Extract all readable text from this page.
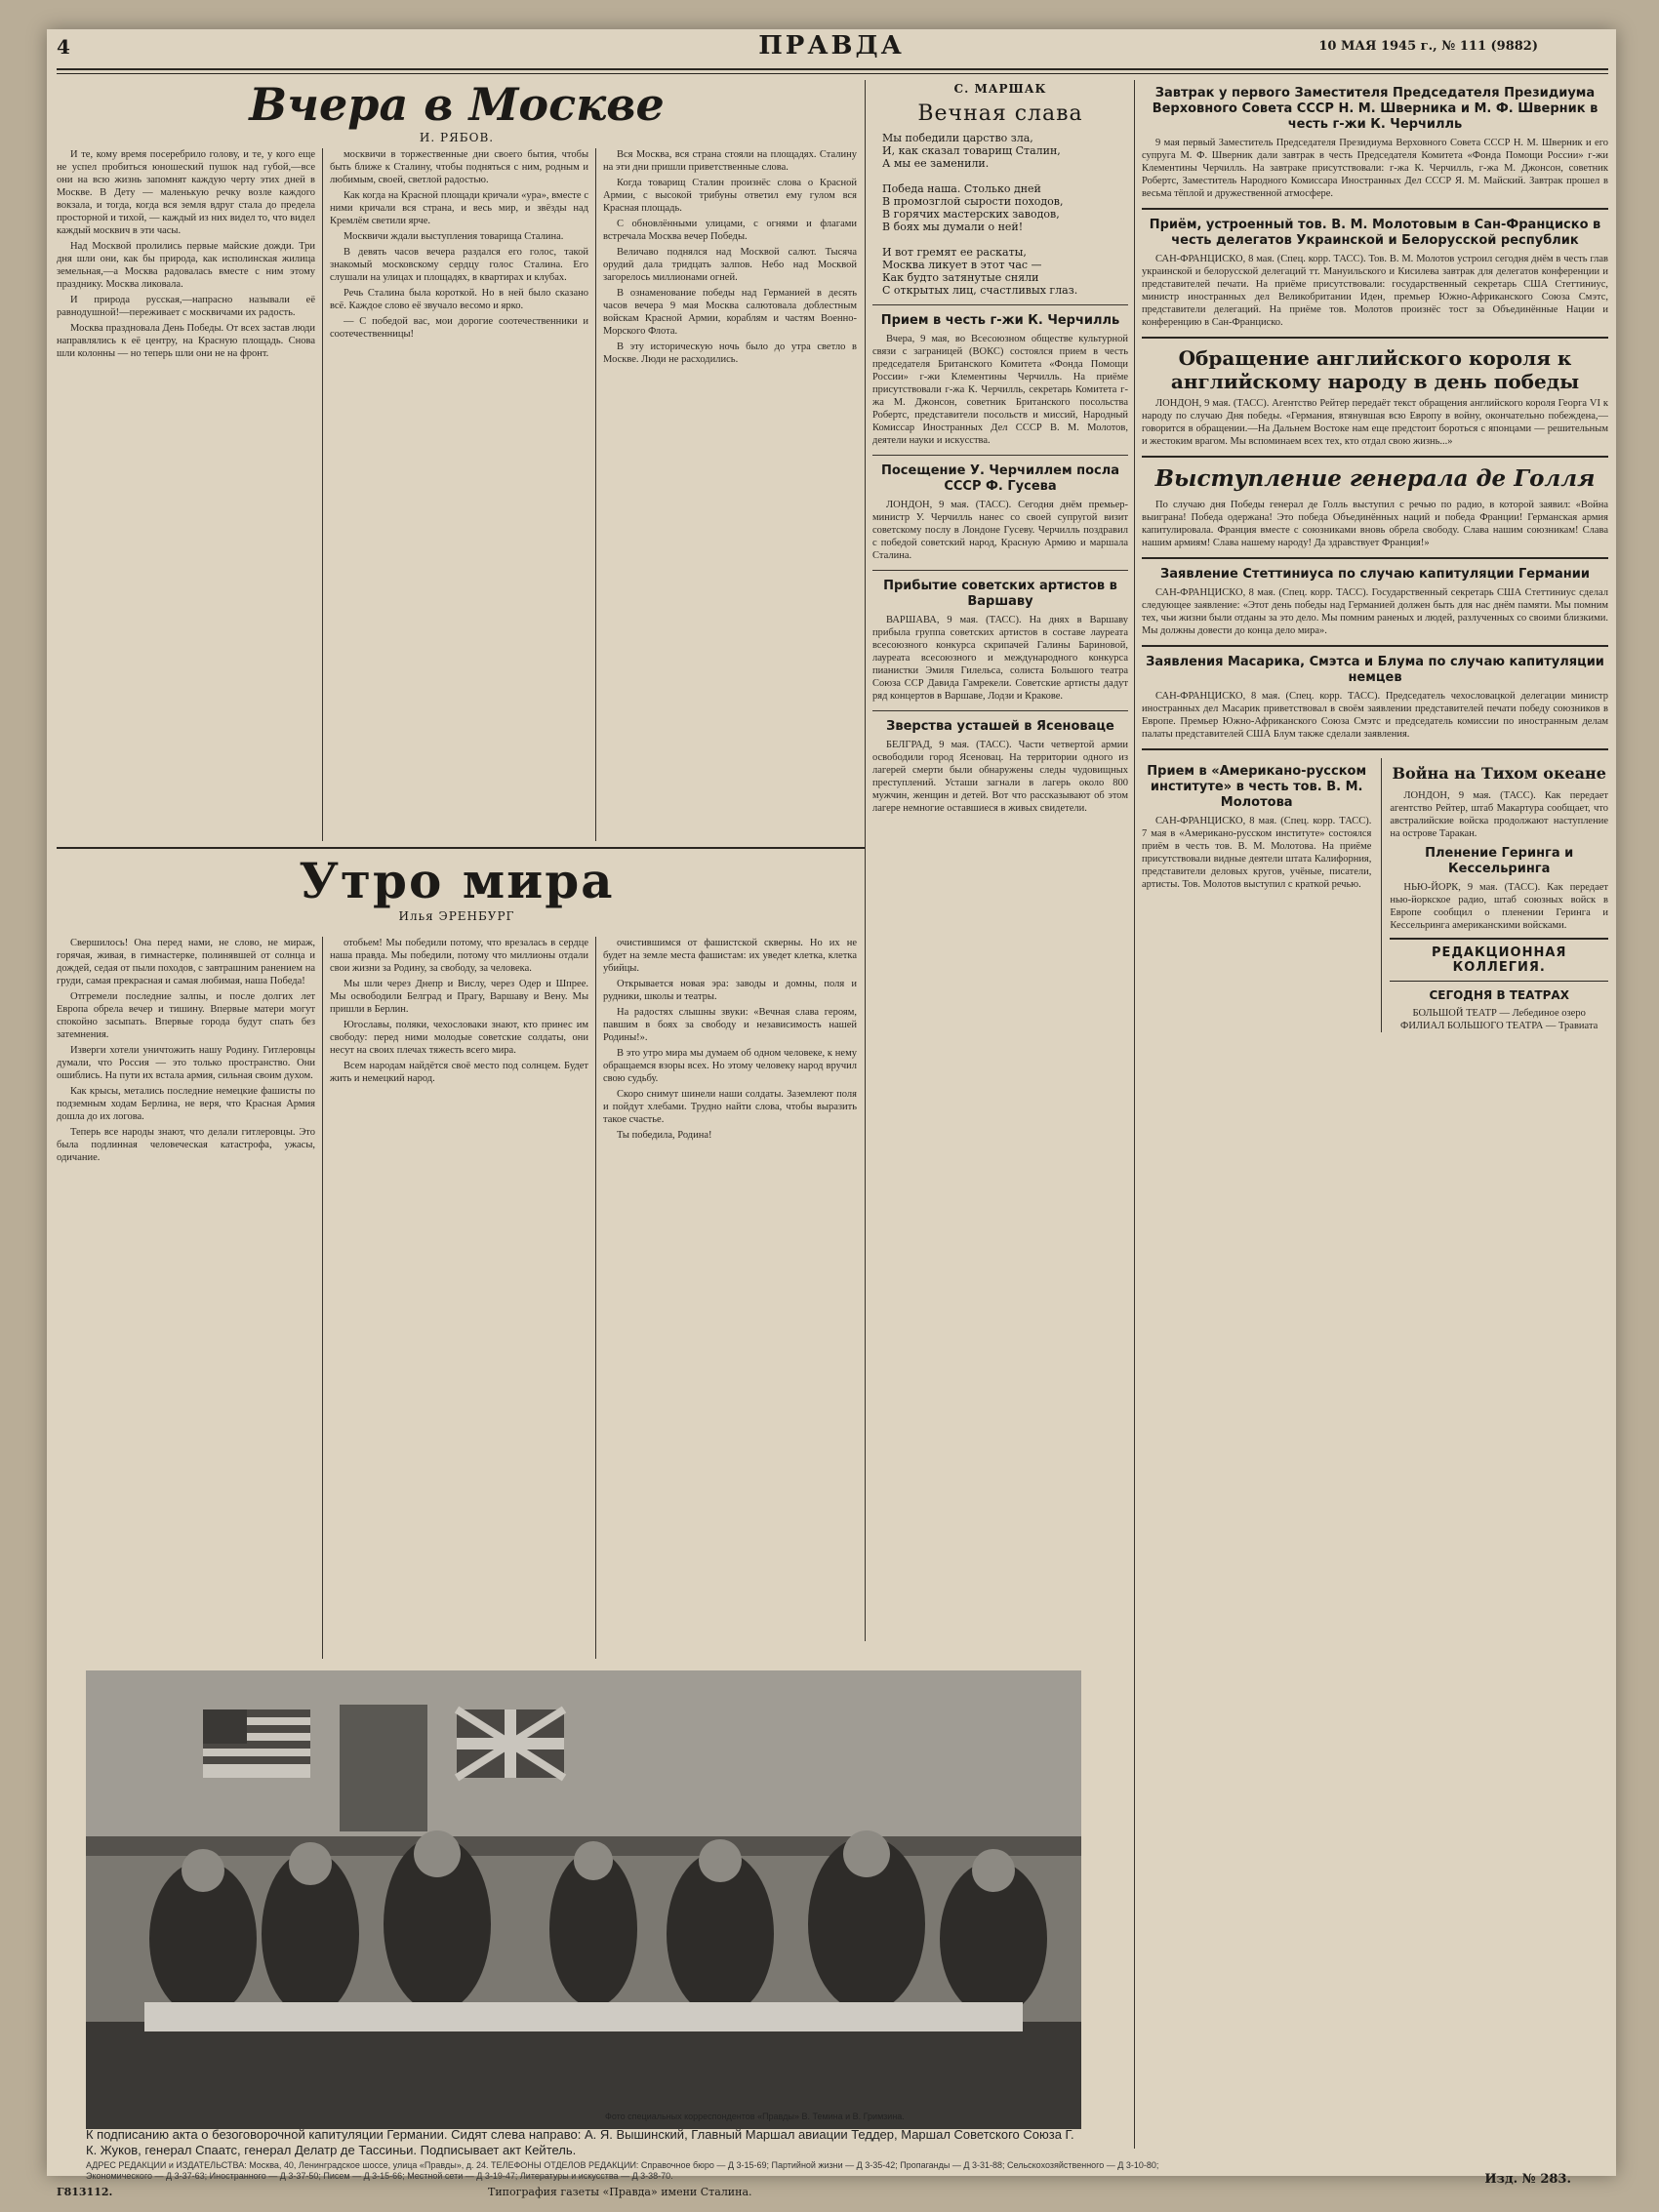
4	ПРАВДА	10 МАЯ 1945 г., № 111 (9882)
Вчера в Москве
И. РЯБОВ.

И те, кому время посеребрило голову, и те, у кого еще не успел пробиться юношеский пушок над губой,—все они на всю жизнь запомнят каждую черту этих дней в Москве. В Дету — маленькую речку возле каждого вокзала, и тогда, когда вся земля вдруг стала до предела просторной и тихой, — каждый из них видел то, что видел каждый москвич в эти часы.

Над Москвой пролились первые майские дожди. Три дня шли они, как бы природа, как исполинская жилица земельная,—а Москва радовалась вместе с ним этому празднику. Москва ликовала.

И природа русская,—напрасно называли её равнодушной!—переживает с москвичами их радость.

Москва праздновала День Победы. От всех застав люди направлялись к её центру, на Красную площадь. Снова шли колонны — но теперь шли они не на фронт.

москвичи в торжественные дни своего бытия, чтобы быть ближе к Сталину, чтобы подняться с ним, родным и любимым, своей, светлой радостью.

Как когда на Красной площади кричали «ура», вместе с ними кричали вся страна, и весь мир, и звёзды над Кремлём светили ярче.

Москвичи ждали выступления товарища Сталина.

В девять часов вечера раздался его голос, такой знакомый московскому сердцу голос Сталина. Его слушали на улицах и площадях, в квартирах и клубах.

Речь Сталина была короткой. Но в ней было сказано всё. Каждое слово её звучало весомо и ярко.

— С победой вас, мои дорогие соотечественники и соотечественницы!

Вся Москва, вся страна стояли на площадях. Сталину на эти дни пришли приветственные слова.

Когда товарищ Сталин произнёс слова о Красной Армии, с высокой трибуны ответил ему гулом вся Красная площадь.

С обновлёнными улицами, с огнями и флагами встречала Москва вечер Победы.

Величаво поднялся над Москвой салют. Тысяча орудий дала тридцать залпов. Небо над Москвой загорелось миллионами огней.

В ознаменование победы над Германией в десять часов вечера 9 мая Москва салютовала доблестным войскам Красной Армии, кораблям и частям Военно-Морского Флота.

В эту историческую ночь было до утра светло в Москве. Люди не расходились.

С. МАРШАК
Вечная слава
Мы победили царство зла,
И, как сказал товарищ Сталин,
А мы ее заменили.

Победа наша. Столько дней
В промозглой сырости походов,
В горячих мастерских заводов,
В боях мы думали о ней!

И вот гремят ее раскаты,
Москва ликует в этот час —
Как будто затянутые сняли
С открытых лиц, счастливых глаз.
Прием в честь г-жи К. Черчилль

Вчера, 9 мая, во Всесоюзном обществе культурной связи с заграницей (ВОКС) состоялся прием в честь председателя Британского Комитета «Фонда Помощи России» г-жи Клементины Черчилль. На приёме присутствовали г-жа К. Черчилль, секретарь Комитета г-жа М. Джонсон, советник Британского посольства Робертс, представители посольств и миссий, Народный Комиссар Иностранных Дел СССР В. М. Молотов, деятели науки и искусства.

Посещение У. Черчиллем посла СССР Ф. Гусева

ЛОНДОН, 9 мая. (ТАСС). Сегодня днём премьер-министр У. Черчилль нанес со своей супругой визит советскому послу в Лондоне Гусеву. Черчилль поздравил с победой советский народ, Красную Армию и маршала Сталина.

Прибытие советских артистов в Варшаву

ВАРШАВА, 9 мая. (ТАСС). На днях в Варшаву прибыла группа советских артистов в составе лауреата всесоюзного конкурса скрипачей Галины Бариновой, лауреата всесоюзного и международного конкурса пианистки Эмиля Гилельса, солиста Большого театра Союза ССР Давида Гамрекели. Советские артисты дадут ряд концертов в Варшаве, Лодзи и Кракове.

Зверства усташей в Ясеновацe

БЕЛГРАД, 9 мая. (ТАСС). Части четвертой армии освободили город Ясеновац. На территории одного из лагерей смерти были обнаружены следы чудовищных преступлений. Усташи загнали в лагерь около 800 мужчин, женщин и детей. Вот что рассказывают об этом лагере немногие оставшиеся в живых свидетели.

Завтрак у первого Заместителя Председателя Президиума Верховного Совета СССР Н. М. Шверника и М. Ф. Шверник в честь г-жи К. Черчилль

9 мая первый Заместитель Председателя Президиума Верховного Совета СССР Н. М. Шверник и его супруга М. Ф. Шверник дали завтрак в честь Председателя Комитета «Фонда Помощи России» г-жи Клементины Черчилль. На завтраке присутствовали: г-жа К. Черчилль, г-жа М. Джонсон, советник Робертс, Заместитель Народного Комиссара Иностранных Дел СССР Я. М. Майский. Завтрак прошел в весьма тёплой и дружественной атмосфере.

Приём, устроенный тов. В. М. Молотовым в Сан-Франциско в честь делегатов Украинской и Белорусской республик

САН-ФРАНЦИСКО, 8 мая. (Спец. корр. ТАСС). Тов. В. М. Молотов устроил сегодня днём в честь глав украинской и белорусской делегаций тт. Мануильского и Кисилева завтрак для делегатов конференции и представителей печати. На приёме присутствовали: государственный секретарь США Стеттиниус, министр иностранных дел Великобритании Иден, премьер Южно-Африканского Союза Смэтс, представители делегаций. На приёме тов. Молотов произнёс тост за Объединённые Нации и конференцию в Сан-Франциско.

Обращение английского короля к английскому народу в день победы

ЛОНДОН, 9 мая. (ТАСС). Агентство Рейтер передаёт текст обращения английского короля Георга VI к народу по случаю Дня победы. «Германия, втянувшая всю Европу в войну, окончательно побеждена,—говорится в обращении.—На Дальнем Востоке нам еще предстоит бороться с японцами — решительным и жестоким врагом. Мы вспоминаем всех тех, кто отдал свою жизнь...»

Выступление генерала де Голля

По случаю дня Победы генерал де Голль выступил с речью по радио, в которой заявил: «Война выиграна! Победа одержана! Это победа Объединённых наций и победа Франции! Германская армия капитулировала. Франция вместе с союзниками вновь обрела свободу. Слава нашим союзникам! Слава нашим армиям! Слава нашему народу! Да здравствует Франция!»

Заявление Стеттиниуса по случаю капитуляции Германии

САН-ФРАНЦИСКО, 8 мая. (Спец. корр. ТАСС). Государственный секретарь США Стеттиниус сделал следующее заявление: «Этот день победы над Германией должен быть для нас днём памяти. Мы помним тех, чьи жизни были отданы за это дело. Мы помним раненых и людей, разлученных со своими близкими. Мы должны довести до конца дело мира».

Заявления Масарика, Смэтса и Блума по случаю капитуляции немцев

САН-ФРАНЦИСКО, 8 мая. (Спец. корр. ТАСС). Председатель чехословацкой делегации министр иностранных дел Масарик приветствовал в своём заявлении представителей печати победу союзников в Европе. Премьер Южно-Африканского Союза Смэтс и председатель комиссии по иностранным делам палаты представителей США Блум также сделали заявления.

Прием в «Американо-русском институте» в честь тов. В. М. Молотова

САН-ФРАНЦИСКО, 8 мая. (Спец. корр. ТАСС). 7 мая в «Американо-русском институте» состоялся приём в честь тов. В. М. Молотова. На приёме присутствовали видные деятели штата Калифорния, представители деловых кругов, учёные, писатели, артисты. Тов. Молотов выступил с краткой речью.

Война на Тихом океане

ЛОНДОН, 9 мая. (ТАСС). Как передает агентство Рейтер, штаб Макартура сообщает, что австралийские войска продолжают наступление на острове Таракан.

Пленение Геринга и Кессельринга

НЬЮ-ЙОРК, 9 мая. (ТАСС). Как передает нью-йоркское радио, штаб союзных войск в Европе сообщил о пленении Геринга и Кессельринга американскими войсками.

РЕДАКЦИОННАЯ КОЛЛЕГИЯ.
СЕГОДНЯ В ТЕАТРАХ
БОЛЬШОЙ ТЕАТР — Лебединое озеро
ФИЛИАЛ БОЛЬШОГО ТЕАТРА — Травиата
Утро мира
Илья ЭРЕНБУРГ

Свершилось! Она перед нами, не слово, не мираж, горячая, живая, в гимнастерке, полинявшей от солнца и дождей, седая от пыли походов, с завтрашним ранением на груди, самая прекрасная и самая любимая, наша Победа!

Отгремели последние залпы, и после долгих лет Европа обрела вечер и тишину. Впервые матери могут спокойно засыпать. Впервые города будут спать без затемнения.

Изверги хотели уничтожить нашу Родину. Гитлеровцы думали, что Россия — это только пространство. Они ошиблись. На пути их встала армия, сильная своим духом.

Как крысы, метались последние немецкие фашисты по подземным ходам Берлина, не веря, что Красная Армия дошла до их логова.

Теперь все народы знают, что делали гитлеровцы. Это была подлинная человеческая катастрофа, ужасы, одичание.

отобьем! Мы победили потому, что врезалась в сердце наша правда. Мы победили, потому что миллионы отдали свои жизни за Родину, за свободу, за человека.

Мы шли через Днепр и Вислу, через Одер и Шпрее. Мы освободили Белград и Прагу, Варшаву и Вену. Мы пришли в Берлин.

Югославы, поляки, чехословаки знают, кто принес им свободу: перед ними молодые советские солдаты, они несут на своих плечах тяжесть всего мира.

Всем народам найдётся своё место под солнцем. Будет жить и немецкий народ.

очистившимся от фашистской скверны. Но их не будет на земле места фашистам: их уведет клетка, клетка убийцы.

Открывается новая эра: заводы и домны, поля и рудники, школы и театры.

На радостях слышны звуки: «Вечная слава героям, павшим в боях за свободу и независимость нашей Родины!».

В это утро мира мы думаем об одном человеке, к нему обращаемся взоры всех. Но этому человеку народ вручил свою судьбу.

Скоро снимут шинели наши солдаты. Заземлеют поля и пойдут хлебами. Трудно найти слова, чтобы выразить такое счастье.

Ты победила, Родина!

К подписанию акта о безоговорочной капитуляции Германии. Сидят слева направо: А. Я. Вышинский, Главный Маршал авиации Теддер, Маршал Советского Союза Г. К. Жуков, генерал Спаатс, генерал Делатр де Тассиньи. Подписывает акт Кейтель.
Фото специальных корреспондентов «Правды» В. Темина и В. Гримзина.
АДРЕС РЕДАКЦИИ и ИЗДАТЕЛЬСТВА: Москва, 40, Ленинградское шоссе, улица «Правды», д. 24. ТЕЛЕФОНЫ ОТДЕЛОВ РЕДАКЦИИ: Справочное бюро — Д 3-15-69; Партийной жизни — Д 3-35-42; Пропаганды — Д 3-31-88; Сельскохозяйственного — Д 3-10-80; Экономического — Д 3-37-63; Иностранного — Д 3-37-50; Писем — Д 3-15-66; Местной сети — Д 3-19-47; Литературы и искусства — Д 3-38-70.
Г813112.	Типография газеты «Правда» имени Сталина.
Изд. № 283.
